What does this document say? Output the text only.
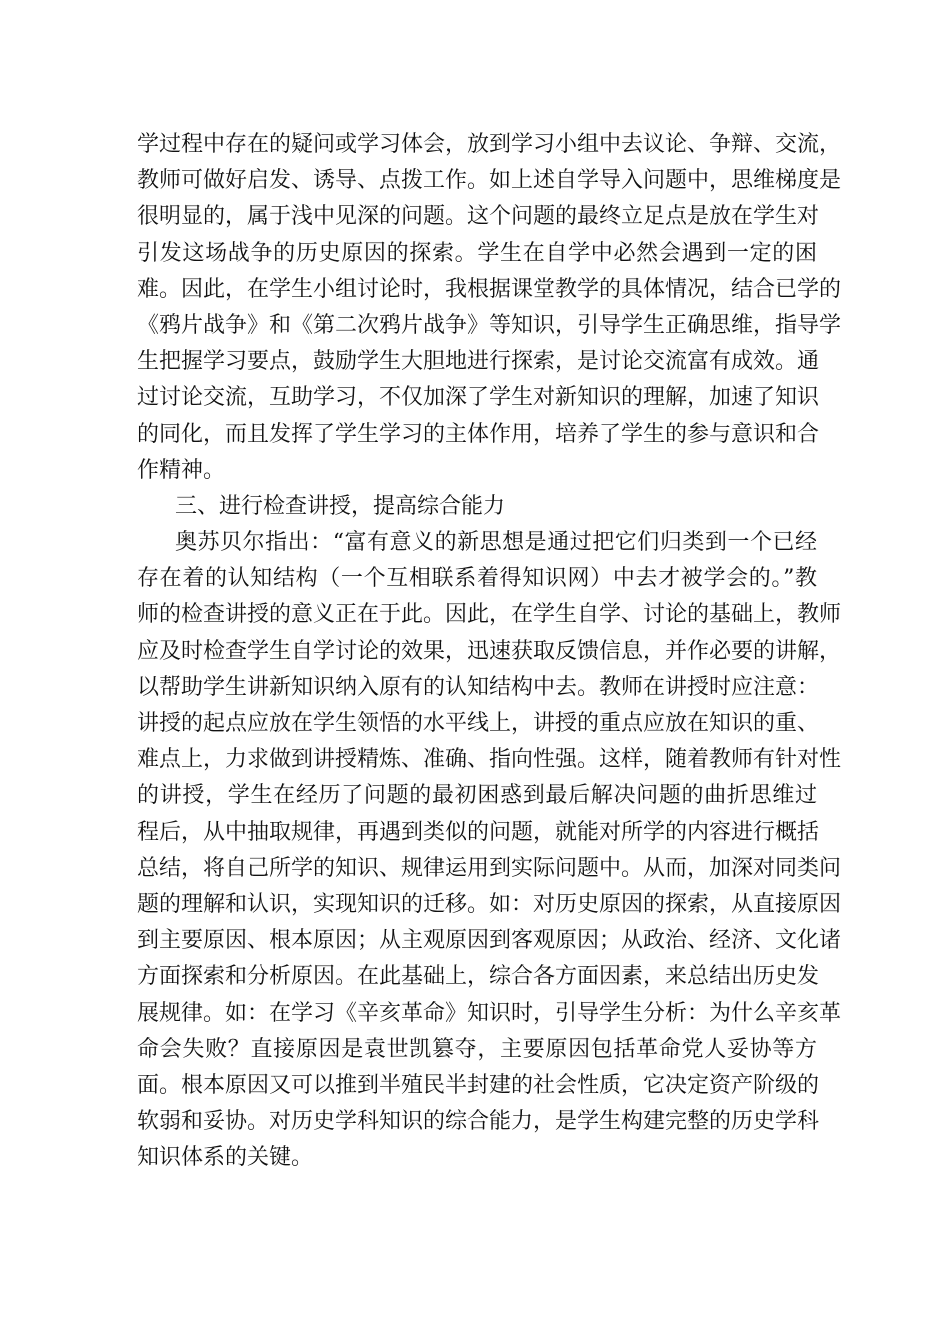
学过程中存在的疑问或学习体会，放到学习小组中去议论、争辩、交流，
教师可做好启发、诱导、点拨工作。如上述自学导入问题中，思维梯度是
很明显的，属于浅中见深的问题。这个问题的最终立足点是放在学生对
引发这场战争的历史原因的探索。学生在自学中必然会遇到一定的困
难。因此，在学生小组讨论时，我根据课堂教学的具体情况，结合已学的
《鸦片战争》和《第二次鸦片战争》等知识，引导学生正确思维，指导学
生把握学习要点，鼓励学生大胆地进行探索，是讨论交流富有成效。通
过讨论交流，互助学习，不仅加深了学生对新知识的理解，加速了知识
的同化，而且发挥了学生学习的主体作用，培养了学生的参与意识和合
作精神。
三、进行检查讲授，提高综合能力
奥苏贝尔指出：“富有意义的新思想是通过把它们归类到一个已经
存在着的认知结构（一个互相联系着得知识网）中去才被学会的。”教
师的检查讲授的意义正在于此。因此，在学生自学、讨论的基础上，教师
应及时检查学生自学讨论的效果，迅速获取反馈信息，并作必要的讲解，
以帮助学生讲新知识纳入原有的认知结构中去。教师在讲授时应注意：
讲授的起点应放在学生领悟的水平线上，讲授的重点应放在知识的重、
难点上，力求做到讲授精炼、准确、指向性强。这样，随着教师有针对性
的讲授，学生在经历了问题的最初困惑到最后解决问题的曲折思维过
程后，从中抽取规律，再遇到类似的问题，就能对所学的内容进行概括
总结，将自己所学的知识、规律运用到实际问题中。从而，加深对同类问
题的理解和认识，实现知识的迁移。如：对历史原因的探索，从直接原因
到主要原因、根本原因；从主观原因到客观原因；从政治、经济、文化诸
方面探索和分析原因。在此基础上，综合各方面因素，来总结出历史发
展规律。如：在学习《辛亥革命》知识时，引导学生分析：为什么辛亥革
命会失败？直接原因是袁世凯篡夺，主要原因包括革命党人妥协等方
面。根本原因又可以推到半殖民半封建的社会性质，它决定资产阶级的
软弱和妥协。对历史学科知识的综合能力，是学生构建完整的历史学科
知识体系的关键。
